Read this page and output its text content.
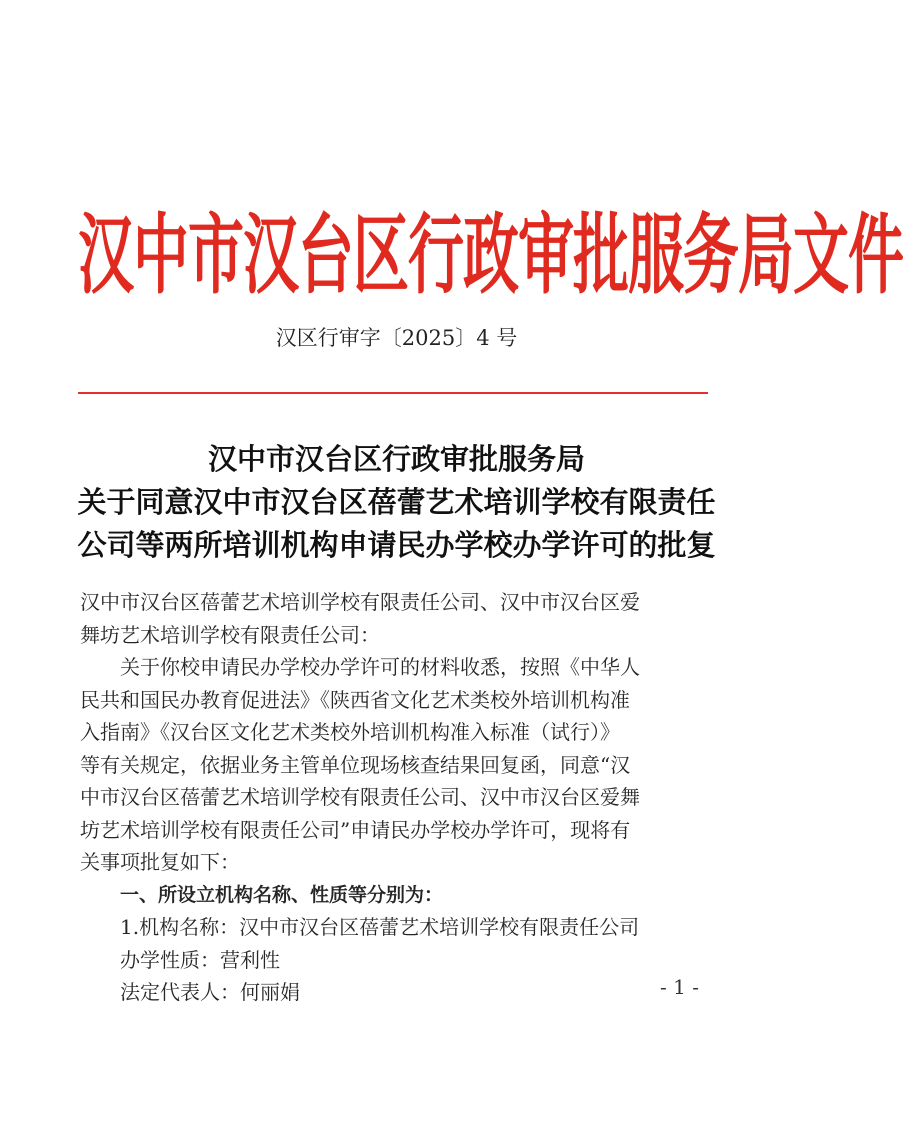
汉中市汉台区行政审批服务局文件
汉区行审字〔2025〕4 号
汉中市汉台区行政审批服务局
关于同意汉中市汉台区蓓蕾艺术培训学校有限责任
公司等两所培训机构申请民办学校办学许可的批复
汉中市汉台区蓓蕾艺术培训学校有限责任公司、汉中市汉台区爱
舞坊艺术培训学校有限责任公司：
关于你校申请民办学校办学许可的材料收悉，按照《中华人
民共和国民办教育促进法》《陕西省文化艺术类校外培训机构准
入指南》《汉台区文化艺术类校外培训机构准入标准（试行）》
等有关规定，依据业务主管单位现场核查结果回复函，同意“汉
中市汉台区蓓蕾艺术培训学校有限责任公司、汉中市汉台区爱舞
坊艺术培训学校有限责任公司”申请民办学校办学许可，现将有
关事项批复如下：
一、所设立机构名称、性质等分别为：
1.机构名称：汉中市汉台区蓓蕾艺术培训学校有限责任公司
办学性质：营利性
法定代表人：何丽娟	- 1 -
